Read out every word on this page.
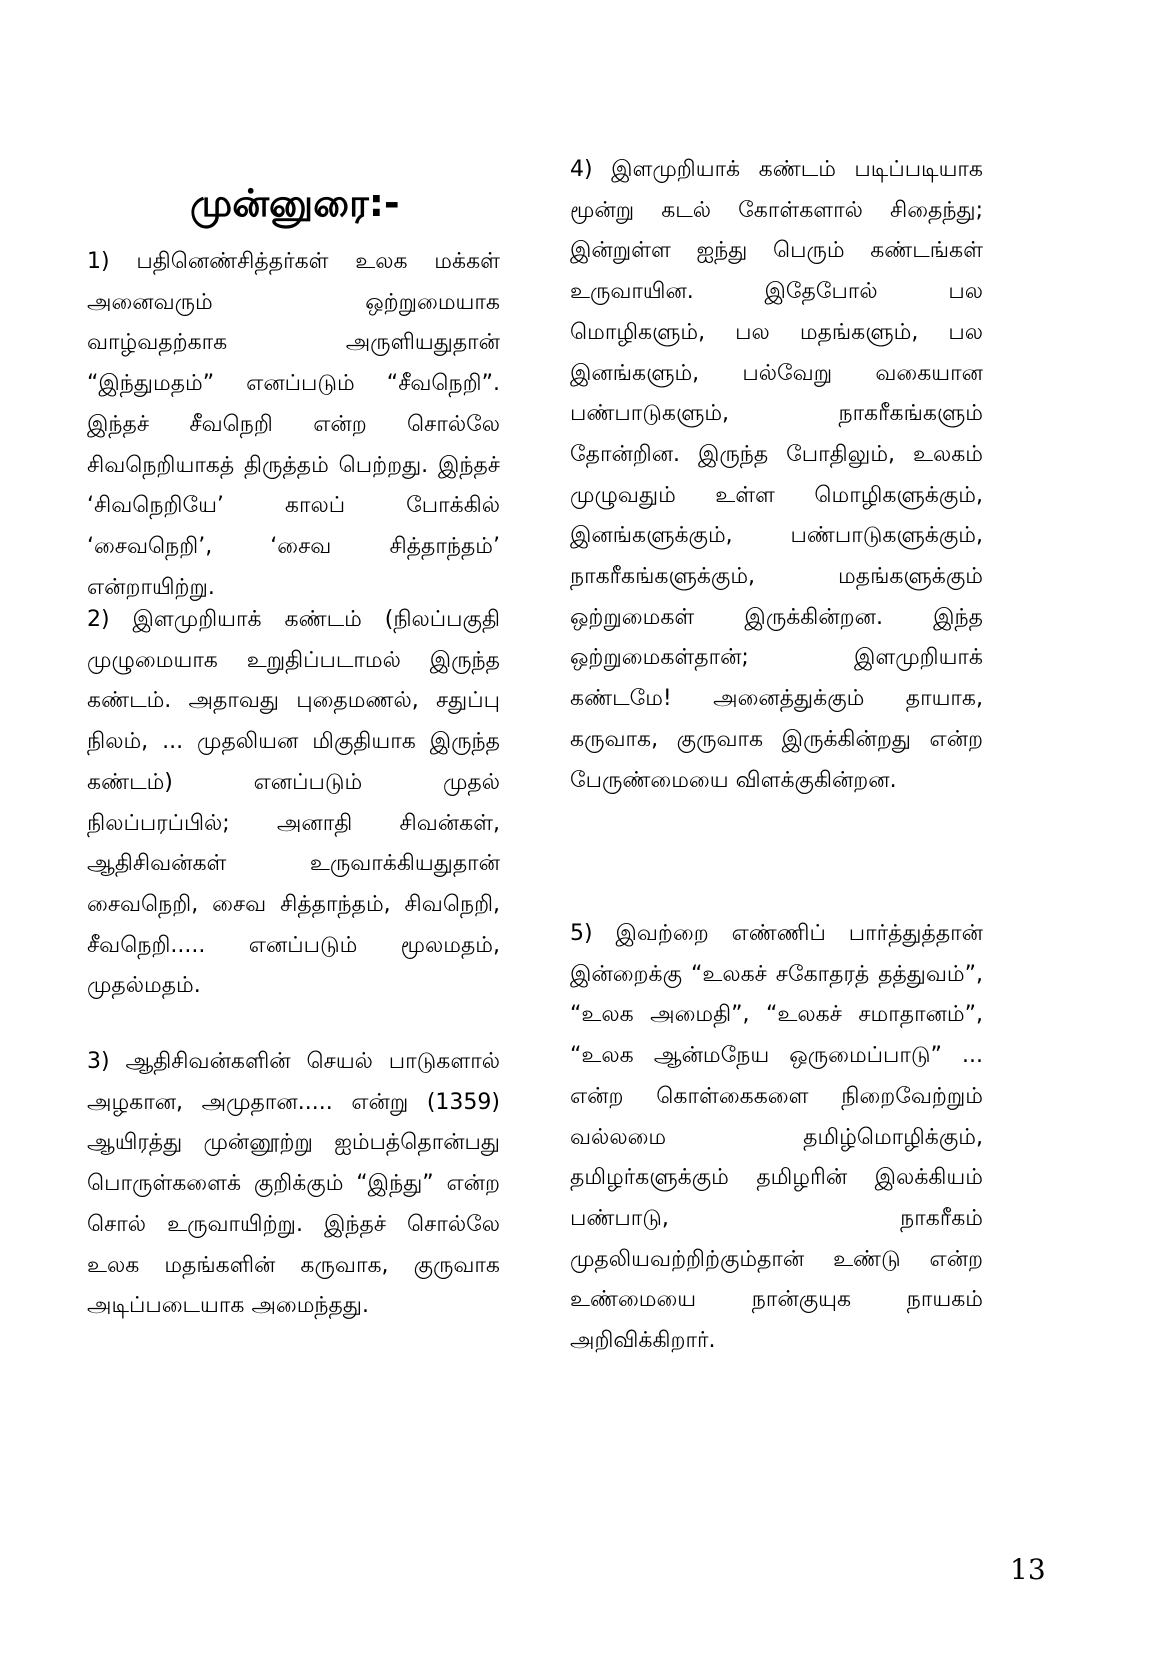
1) பதினெண்சித்தர்கள் உலக மக்கள் அனைவரும் ஒற்றுமையாக வாழ்வதற்காக அருளியதுதான் “இந்துமதம்” எனப்படும் “சீவநெறி”. இந்தச் சீவநெறி என்ற சொல்லே சிவநெறியாகத் திருத்தம் பெற்றது. இந்தச் ‘சிவநெறியே’ காலப் போக்கில் ‘சைவநெறி’, ‘சைவ சித்தாந்தம்’ என்றாயிற்று.

2) இளமுறியாக் கண்டம் (நிலப்பகுதி முழுமையாக உறுதிப்படாமல் இருந்த கண்டம். அதாவது புதைமணல், சதுப்பு நிலம், ... முதலியன மிகுதியாக இருந்த கண்டம்) எனப்படும் முதல் நிலப்பரப்பில்; அனாதி சிவன்கள், ஆதிசிவன்கள் உருவாக்கியதுதான் சைவநெறி, சைவ சித்தாந்தம், சிவநெறி, சீவநெறி..... எனப்படும் மூலமதம், முதல்மதம்.

3) ஆதிசிவன்களின் செயல் பாடுகளால் அழகான, அமுதான..... என்று (1359) ஆயிரத்து முன்னூற்று ஐம்பத்தொன்பது பொருள்களைக் குறிக்கும் “இந்து” என்ற சொல் உருவாயிற்று. இந்தச் சொல்லே உலக மதங்களின் கருவாக, குருவாக அடிப்படையாக அமைந்தது.

முன்னுரை:-

4) இளமுறியாக் கண்டம் படிப்படியாக மூன்று கடல் கோள்களால் சிதைந்து; இன்றுள்ள ஐந்து பெரும் கண்டங்கள் உருவாயின. இதேபோல் பல மொழிகளும், பல மதங்களும், பல இனங்களும், பல்வேறு வகையான பண்பாடுகளும், நாகரீகங்களும் தோன்றின. இருந்த போதிலும், உலகம் முழுவதும் உள்ள மொழிகளுக்கும், இனங்களுக்கும், பண்பாடுகளுக்கும், நாகரீகங்களுக்கும், மதங்களுக்கும் ஒற்றுமைகள் இருக்கின்றன. இந்த ஒற்றுமைகள்தான்; இளமுறியாக் கண்டமே! அனைத்துக்கும் தாயாக, கருவாக, குருவாக இருக்கின்றது என்ற பேருண்மையை விளக்குகின்றன.

5) இவற்றை எண்ணிப் பார்த்துத்தான் இன்றைக்கு “உலகச் சகோதரத் தத்துவம்”, “உலக அமைதி”, “உலகச் சமாதானம்”, “உலக ஆன்மநேய ஒருமைப்பாடு” ... என்ற கொள்கைகளை நிறைவேற்றும் வல்லமை தமிழ்மொழிக்கும், தமிழர்களுக்கும் தமிழரின் இலக்கியம் பண்பாடு, நாகரீகம் முதலியவற்றிற்கும்தான் உண்டு என்ற உண்மையை நான்குயுக நாயகம் அறிவிக்கிறார்.

13
